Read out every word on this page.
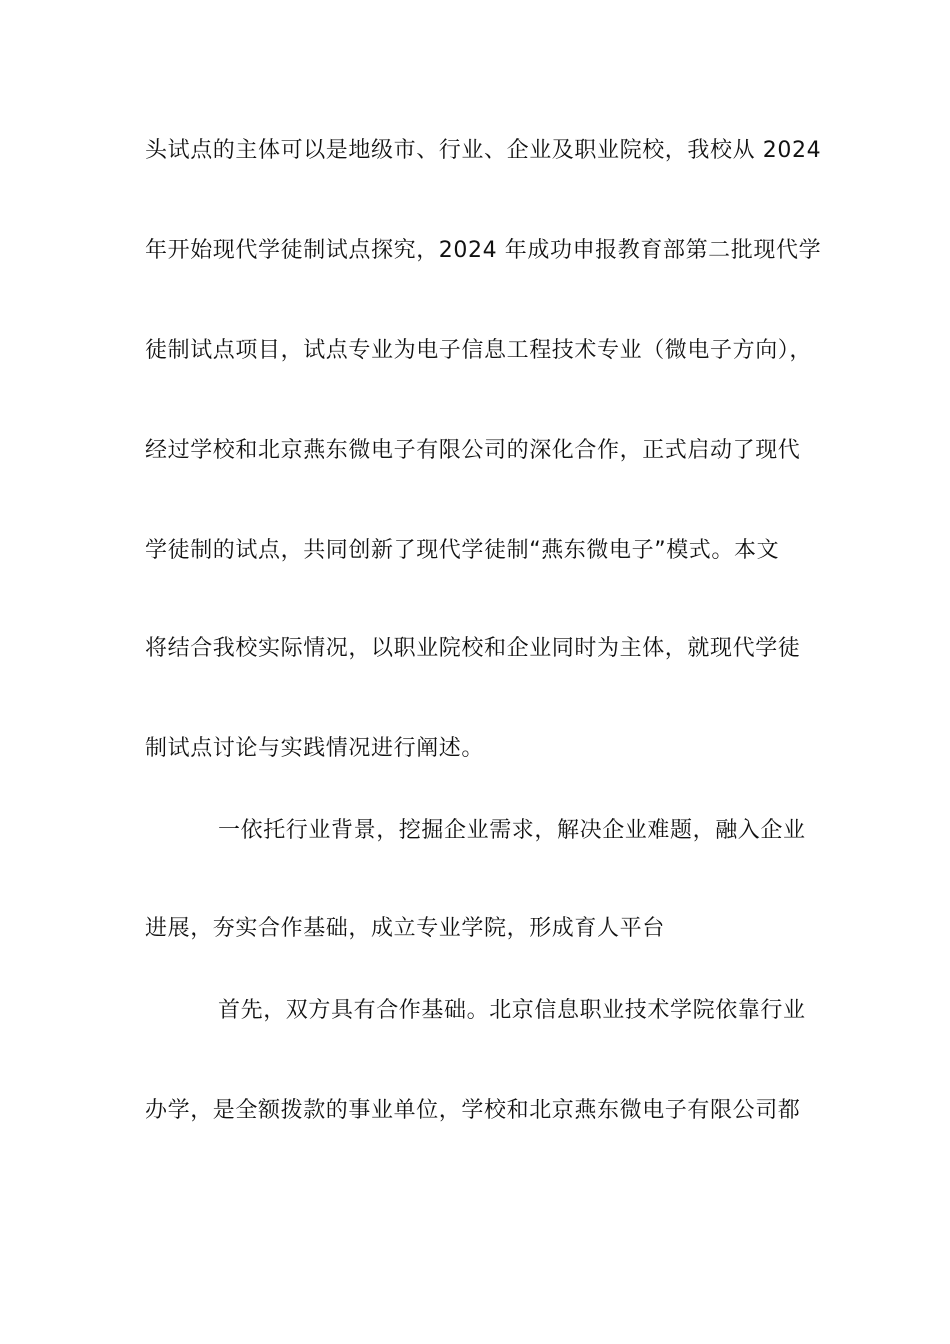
头试点的主体可以是地级市、行业、企业及职业院校，我校从 2024
年开始现代学徒制试点探究，2024 年成功申报教育部第二批现代学
徒制试点项目，试点专业为电子信息工程技术专业（微电子方向），
经过学校和北京燕东微电子有限公司的深化合作，正式启动了现代
学徒制的试点，共同创新了现代学徒制“燕东微电子”模式。本文
将结合我校实际情况，以职业院校和企业同时为主体，就现代学徒
制试点讨论与实践情况进行阐述。
一依托行业背景，挖掘企业需求，解决企业难题，融入企业
进展，夯实合作基础，成立专业学院，形成育人平台
首先，双方具有合作基础。北京信息职业技术学院依靠行业
办学，是全额拨款的事业单位，学校和北京燕东微电子有限公司都
